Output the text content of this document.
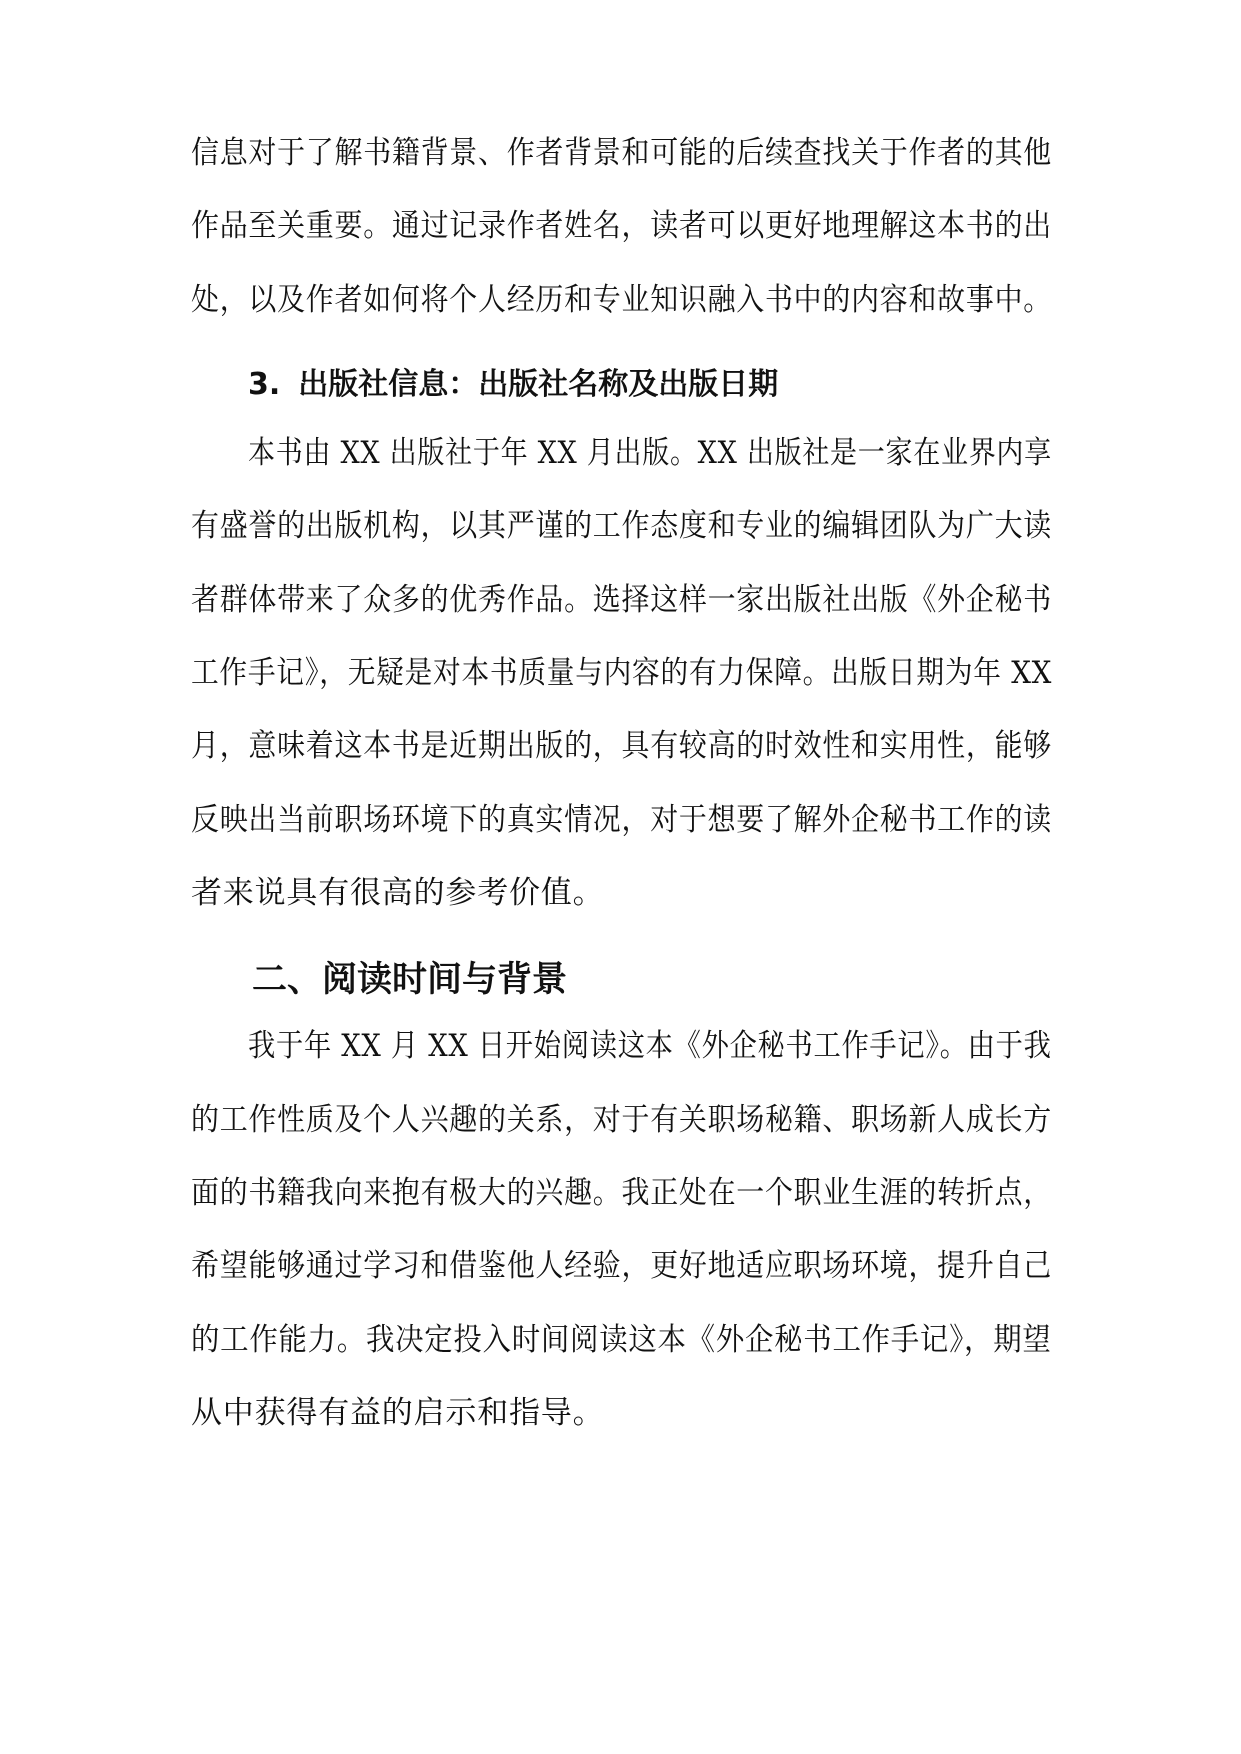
信息对于了解书籍背景、作者背景和可能的后续查找关于作者的其他
作品至关重要。通过记录作者姓名，读者可以更好地理解这本书的出
处，以及作者如何将个人经历和专业知识融入书中的内容和故事中。
3. 出版社信息：出版社名称及出版日期
本书由 XX 出版社于年 XX 月出版。XX 出版社是一家在业界内享
有盛誉的出版机构，以其严谨的工作态度和专业的编辑团队为广大读
者群体带来了众多的优秀作品。选择这样一家出版社出版《外企秘书
工作手记》，无疑是对本书质量与内容的有力保障。出版日期为年 XX
月，意味着这本书是近期出版的，具有较高的时效性和实用性，能够
反映出当前职场环境下的真实情况，对于想要了解外企秘书工作的读
者来说具有很高的参考价值。
二、阅读时间与背景
我于年 XX 月 XX 日开始阅读这本《外企秘书工作手记》。由于我
的工作性质及个人兴趣的关系，对于有关职场秘籍、职场新人成长方
面的书籍我向来抱有极大的兴趣。我正处在一个职业生涯的转折点，
希望能够通过学习和借鉴他人经验，更好地适应职场环境，提升自己
的工作能力。我决定投入时间阅读这本《外企秘书工作手记》，期望
从中获得有益的启示和指导。
